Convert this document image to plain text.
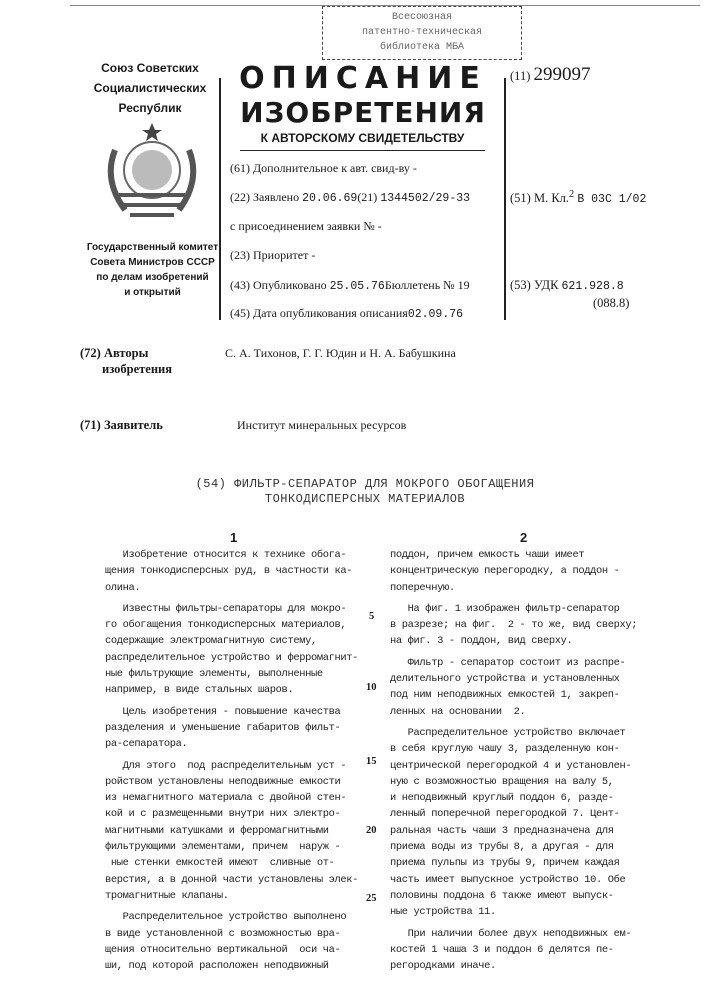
Всесоюзная
патентно-техническая
библиотека МБА
Союз Советских
Социалистических
Республик
Государственный комитет
Совета Министров СССР
по делам изобретений
и открытий
ОПИСАНИЕ
ИЗОБРЕТЕНИЯ
К АВТОРСКОМУ СВИДЕТЕЛЬСТВУ
(61) Дополнительное к авт. свид-ву -
(22) Заявлено 20.06.69(21) 1344502/29-33
с присоединением заявки № -
(23) Приоритет -
(43) Опубликовано 25.05.76Бюллетень № 19
(45) Дата опубликования описания02.09.76
(11) 299097
(51) М. Кл.2 B 03C 1/02
(53) УДК 621.928.8
(088.8)
(72) Авторы
изобретения
С. А. Тихонов, Г. Г. Юдин и Н. А. Бабушкина
(71) Заявитель	Институт минеральных ресурсов
(54) ФИЛЬТР-СЕПАРАТОР ДЛЯ МОКРОГО ОБОГАЩЕНИЯ
ТОНКОДИСПЕРСНЫХ МАТЕРИАЛОВ
1	2
Изобретение относится к технике обога-
щения тонкодисперсных руд, в частности ка-
олина.
Известны фильтры-сепараторы для мокро-
го обогащения тонкодисперсных материалов,
содержащие электромагнитную систему,
распределительное устройство и ферромагнит-
ные фильтрующие элементы, выполненные
например, в виде стальных шаров.
Цель изобретения - повышение качества
разделения и уменьшение габаритов фильт-
ра-сепаратора.
Для этого  под распределительным уст -
ройством установлены неподвижные емкости
из немагнитного материала с двойной стен-
кой и с размещенными внутри них электро-
магнитными катушками и ферромагнитными
фильтрующими элементами, причем  наруж -
ные стенки емкостей имеют  сливные от-
верстия, а в донной части установлены элек-
тромагнитные клапаны.
Распределительное устройство выполнено
в виде установленной с возможностью вра-
щения относительно вертикальной  оси ча-
ши, под которой расположен неподвижный
поддон, причем емкость чаши имеет
концентрическую перегородку, а поддон -
поперечную.
На фиг. 1 изображен фильтр-сепаратор
в разрезе; на фиг.  2 - то же, вид сверху;
на фиг. 3 - поддон, вид сверху.
Фильтр - сепаратор состоит из распре-
делительного устройства и установленных
под ним неподвижных емкостей 1, закреп-
ленных на основании  2.
Распределительное устройство включает
в себя круглую чашу 3, разделенную кон-
центрической перегородкой 4 и установлен-
ную с возможностью вращения на валу 5,
и неподвижный круглый поддон 6, разде-
ленный поперечной перегородкой 7. Цент-
ральная часть чаши 3 предназначена для
приема воды из трубы 8, а другая - для
приема пульпы из трубы 9, причем каждая
часть имеет выпускное устройство 10. Обе
половины поддона 6 также имеют выпуск-
ные устройства 11.
При наличии более двух неподвижных ем-
костей 1 чаша 3 и поддон 6 делятся пе-
регородками иначе.
5
10
15
20
25
